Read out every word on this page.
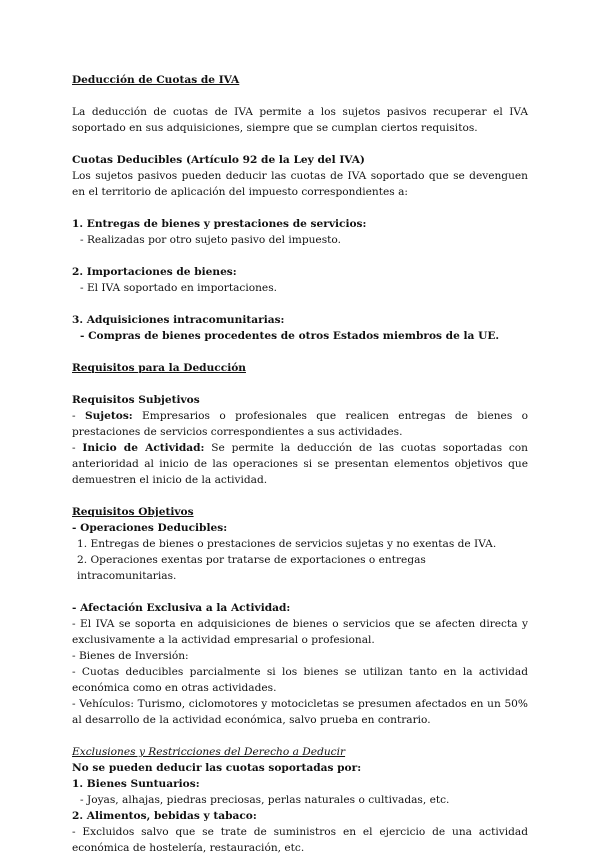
Deducción de Cuotas de IVA

La deducción de cuotas de IVA permite a los sujetos pasivos recuperar el IVA soportado en sus adquisiciones, siempre que se cumplan ciertos requisitos.

Cuotas Deducibles (Artículo 92 de la Ley del IVA)

Los sujetos pasivos pueden deducir las cuotas de IVA soportado que se devenguen en el territorio de aplicación del impuesto correspondientes a:

1. Entregas de bienes y prestaciones de servicios:

- Realizadas por otro sujeto pasivo del impuesto.

2. Importaciones de bienes:

- El IVA soportado en importaciones.

3. Adquisiciones intracomunitarias:

- Compras de bienes procedentes de otros Estados miembros de la UE.

Requisitos para la Deducción

Requisitos Subjetivos

- Sujetos: Empresarios o profesionales que realicen entregas de bienes o prestaciones de servicios correspondientes a sus actividades.

- Inicio de Actividad: Se permite la deducción de las cuotas soportadas con anterioridad al inicio de las operaciones si se presentan elementos objetivos que demuestren el inicio de la actividad.

Requisitos Objetivos

- Operaciones Deducibles:

1. Entregas de bienes o prestaciones de servicios sujetas y no exentas de IVA.

2. Operaciones exentas por tratarse de exportaciones o entregas intracomunitarias.

- Afectación Exclusiva a la Actividad:

- El IVA se soporta en adquisiciones de bienes o servicios que se afecten directa y exclusivamente a la actividad empresarial o profesional.

- Bienes de Inversión:

- Cuotas deducibles parcialmente si los bienes se utilizan tanto en la actividad económica como en otras actividades.

- Vehículos: Turismo, ciclomotores y motocicletas se presumen afectados en un 50% al desarrollo de la actividad económica, salvo prueba en contrario.

Exclusiones y Restricciones del Derecho a Deducir

No se pueden deducir las cuotas soportadas por:

1. Bienes Suntuarios:

- Joyas, alhajas, piedras preciosas, perlas naturales o cultivadas, etc.

2. Alimentos, bebidas y tabaco:

- Excluidos salvo que se trate de suministros en el ejercicio de una actividad económica de hostelería, restauración, etc.
